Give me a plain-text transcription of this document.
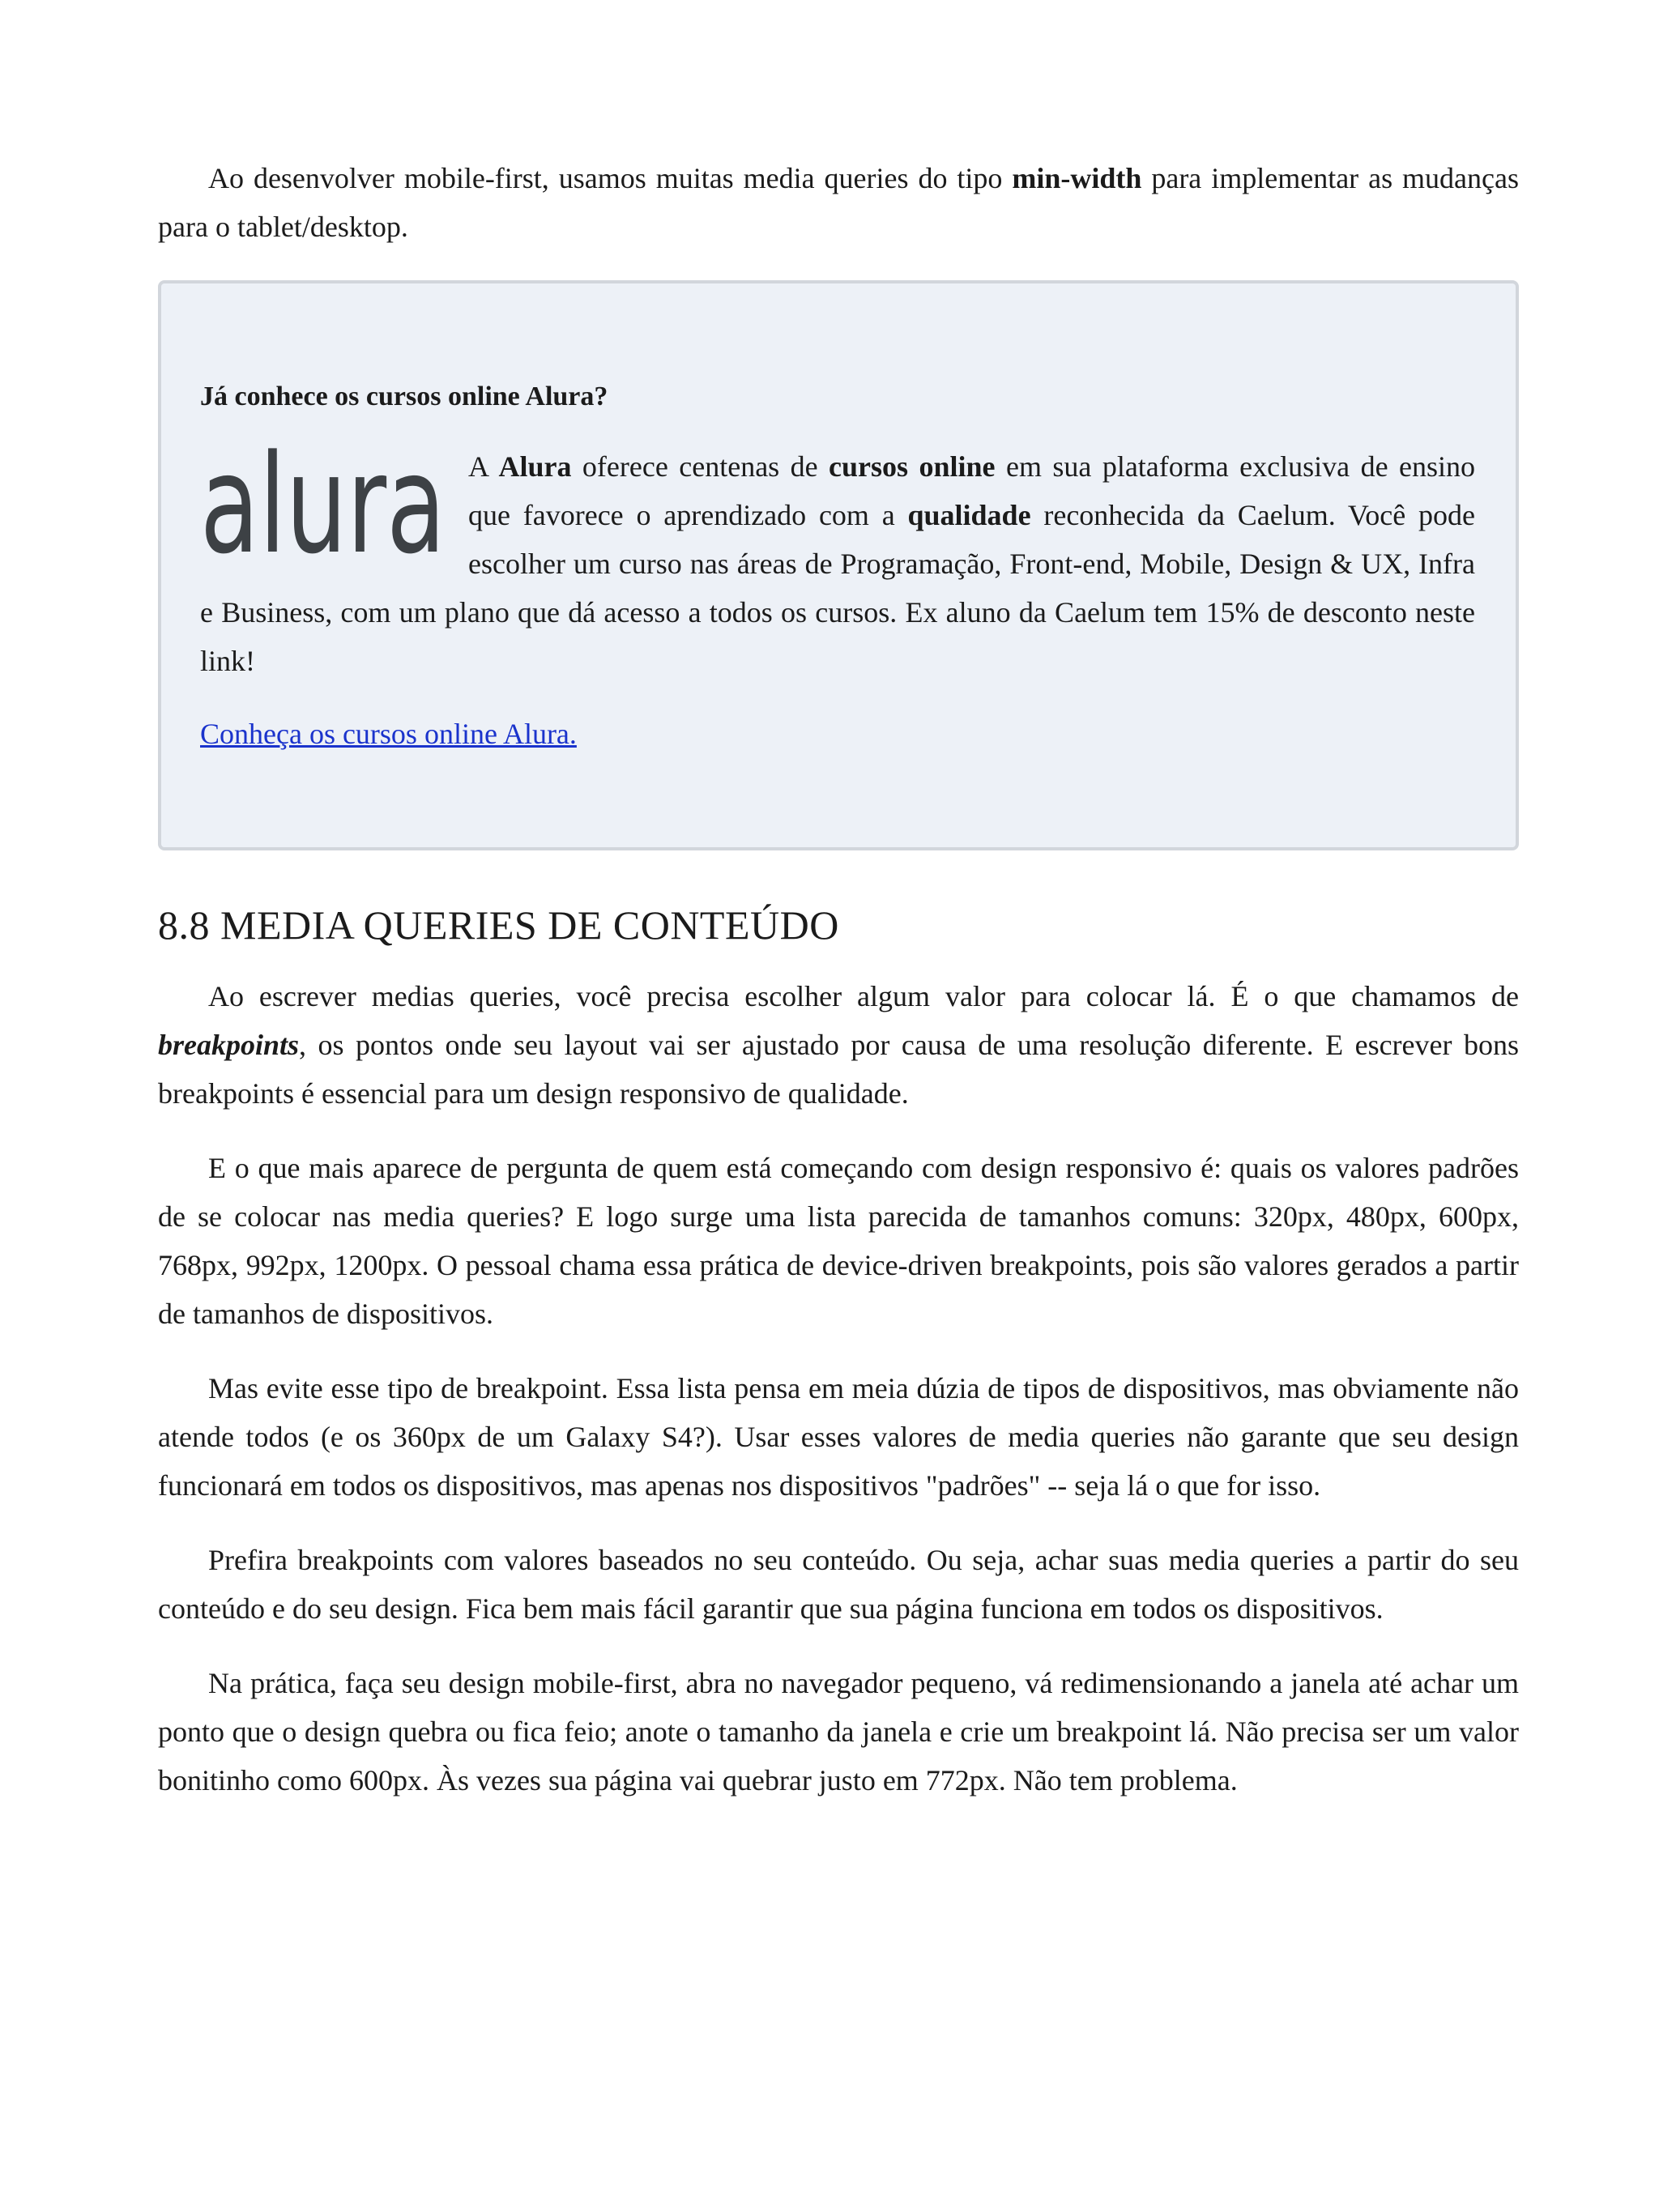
Ao desenvolver mobile-first, usamos muitas media queries do tipo min-width para implementar as mudanças para o tablet/desktop.

Já conhece os cursos online Alura?
alura A Alura oferece centenas de cursos online em sua plataforma exclusiva de ensino que favorece o aprendizado com a qualidade reconhecida da Caelum. Você pode escolher um curso nas áreas de Programação, Front-end, Mobile, Design & UX, Infra e Business, com um plano que dá acesso a todos os cursos. Ex aluno da Caelum tem 15% de desconto neste link!

Conheça os cursos online Alura.
8.8 MEDIA QUERIES DE CONTEÚDO

Ao escrever medias queries, você precisa escolher algum valor para colocar lá. É o que chamamos de breakpoints, os pontos onde seu layout vai ser ajustado por causa de uma resolução diferente. E escrever bons breakpoints é essencial para um design responsivo de qualidade.

E o que mais aparece de pergunta de quem está começando com design responsivo é: quais os valores padrões de se colocar nas media queries? E logo surge uma lista parecida de tamanhos comuns: 320px, 480px, 600px, 768px, 992px, 1200px. O pessoal chama essa prática de device-driven breakpoints, pois são valores gerados a partir de tamanhos de dispositivos.

Mas evite esse tipo de breakpoint. Essa lista pensa em meia dúzia de tipos de dispositivos, mas obviamente não atende todos (e os 360px de um Galaxy S4?). Usar esses valores de media queries não garante que seu design funcionará em todos os dispositivos, mas apenas nos dispositivos "padrões" -- seja lá o que for isso.

Prefira breakpoints com valores baseados no seu conteúdo. Ou seja, achar suas media queries a partir do seu conteúdo e do seu design. Fica bem mais fácil garantir que sua página funciona em todos os dispositivos.

Na prática, faça seu design mobile-first, abra no navegador pequeno, vá redimensionando a janela até achar um ponto que o design quebra ou fica feio; anote o tamanho da janela e crie um breakpoint lá. Não precisa ser um valor bonitinho como 600px. Às vezes sua página vai quebrar justo em 772px. Não tem problema.
